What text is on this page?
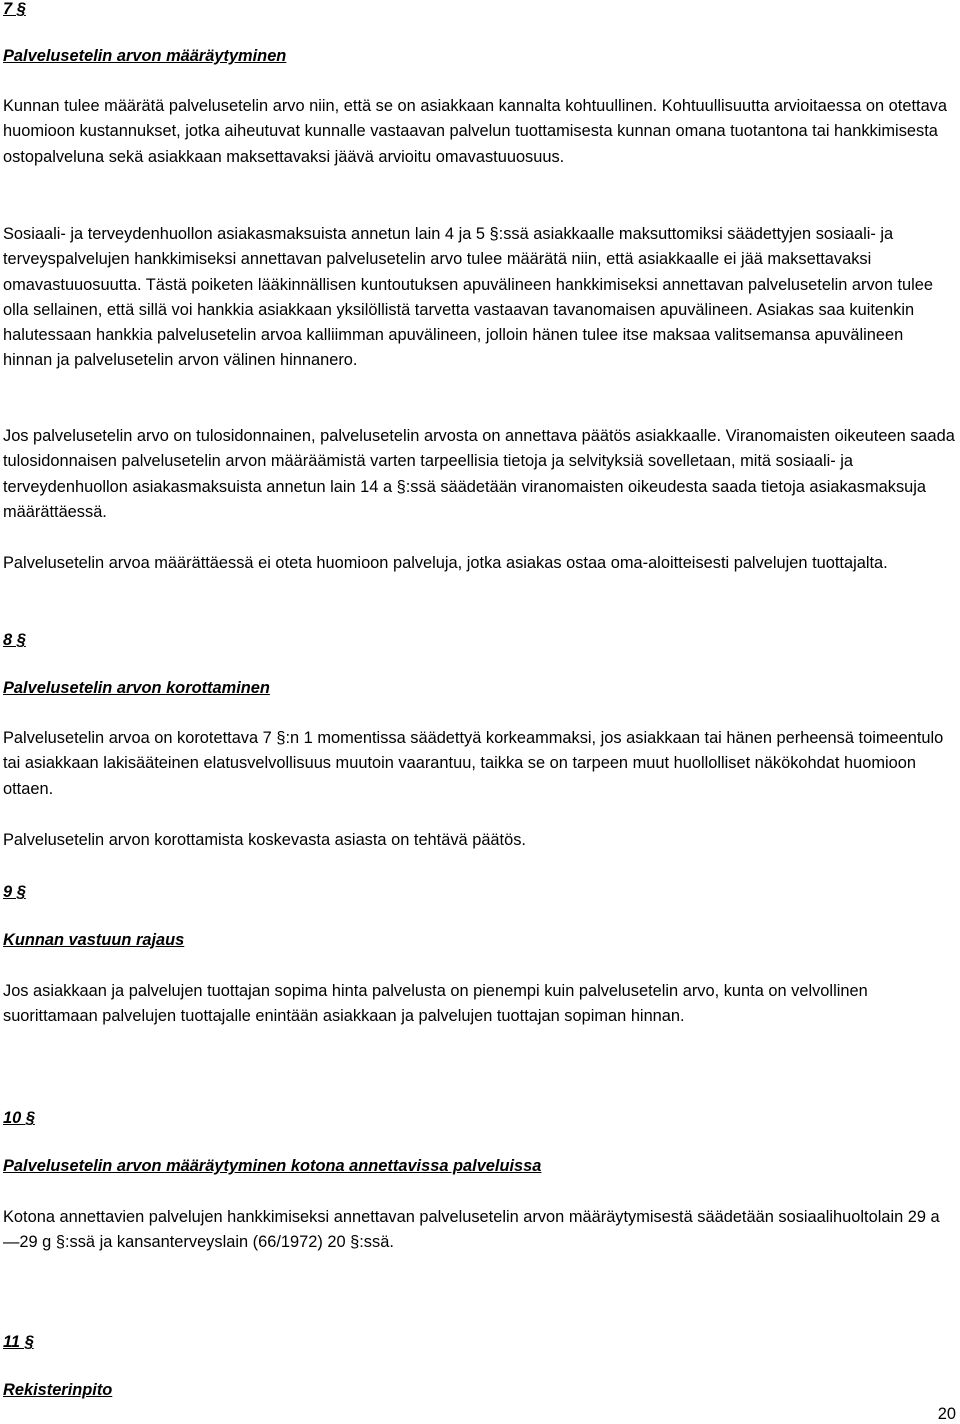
7 §
Palvelusetelin arvon määräytyminen

Kunnan tulee määrätä palvelusetelin arvo niin, että se on asiakkaan kannalta kohtuullinen. Kohtuullisuutta arvioitaessa on otettava huomioon kustannukset, jotka aiheutuvat kunnalle vastaavan palvelun tuottamisesta kunnan omana tuotantona tai hankkimisesta ostopalveluna sekä asiakkaan maksettavaksi jäävä arvioitu omavastuuosuus.

Sosiaali- ja terveydenhuollon asiakasmaksuista annetun lain 4 ja 5 §:ssä asiakkaalle maksuttomiksi säädettyjen sosiaali- ja terveyspalvelujen hankkimiseksi annettavan palvelusetelin arvo tulee määrätä niin, että asiakkaalle ei jää maksettavaksi omavastuuosuutta. Tästä poiketen lääkinnällisen kuntoutuksen apuvälineen hankkimiseksi annettavan palvelusetelin arvon tulee olla sellainen, että sillä voi hankkia asiakkaan yksilöllistä tarvetta vastaavan tavanomaisen apuvälineen. Asiakas saa kuitenkin halutessaan hankkia palvelusetelin arvoa kalliimman apuvälineen, jolloin hänen tulee itse maksaa valitsemansa apuvälineen hinnan ja palvelusetelin arvon välinen hinnanero.

Jos palvelusetelin arvo on tulosidonnainen, palvelusetelin arvosta on annettava päätös asiakkaalle. Viranomaisten oikeuteen saada tulosidonnaisen palvelusetelin arvon määräämistä varten tarpeellisia tietoja ja selvityksiä sovelletaan, mitä sosiaali- ja terveydenhuollon asiakasmaksuista annetun lain 14 a §:ssä säädetään viranomaisten oikeudesta saada tietoja asiakasmaksuja määrättäessä.

Palvelusetelin arvoa määrättäessä ei oteta huomioon palveluja, jotka asiakas ostaa oma-aloitteisesti palvelujen tuottajalta.

8 §
Palvelusetelin arvon korottaminen

Palvelusetelin arvoa on korotettava 7 §:n 1 momentissa säädettyä korkeammaksi, jos asiakkaan tai hänen perheensä toimeentulo tai asiakkaan lakisääteinen elatusvelvollisuus muutoin vaarantuu, taikka se on tarpeen muut huollolliset näkökohdat huomioon ottaen.

Palvelusetelin arvon korottamista koskevasta asiasta on tehtävä päätös.

9 §
Kunnan vastuun rajaus

Jos asiakkaan ja palvelujen tuottajan sopima hinta palvelusta on pienempi kuin palvelusetelin arvo, kunta on velvollinen suorittamaan palvelujen tuottajalle enintään asiakkaan ja palvelujen tuottajan sopiman hinnan.

10 §
Palvelusetelin arvon määräytyminen kotona annettavissa palveluissa

Kotona annettavien palvelujen hankkimiseksi annettavan palvelusetelin arvon määräytymisestä säädetään sosiaalihuoltolain 29 a—29 g §:ssä ja kansanterveyslain (66/1972) 20 §:ssä.

11 §
Rekisterinpito
20
